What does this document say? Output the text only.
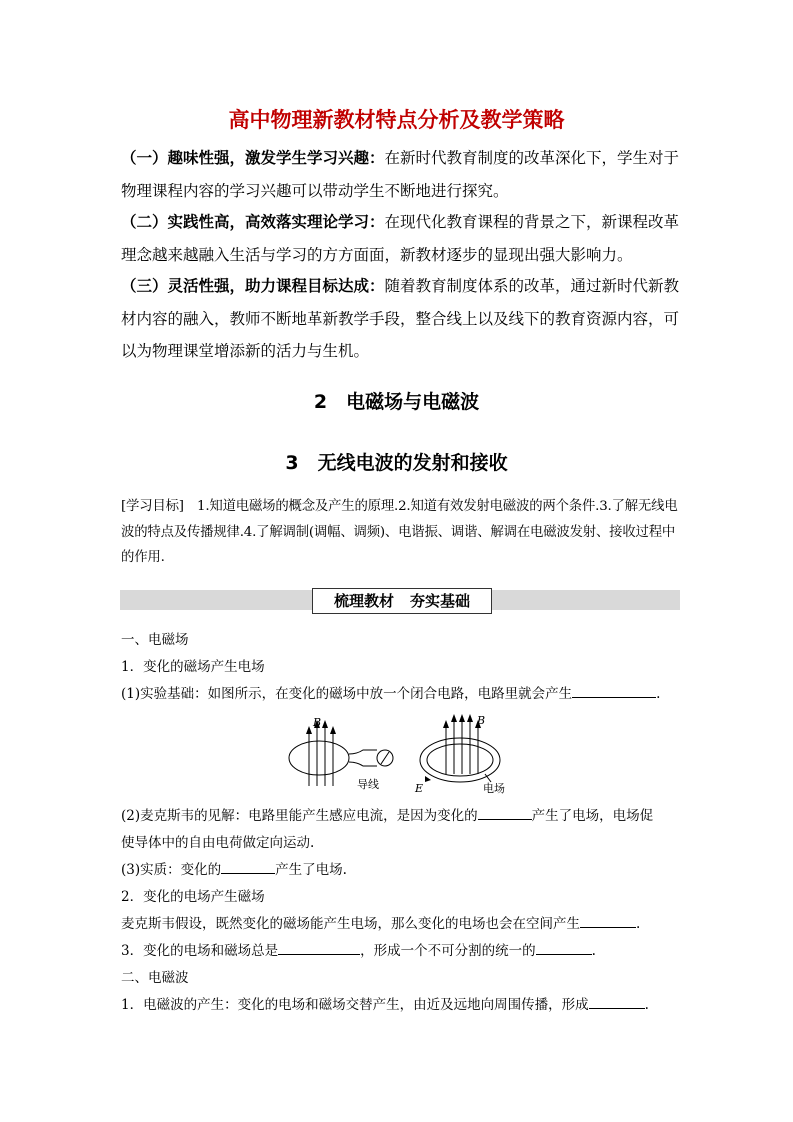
高中物理新教材特点分析及教学策略
（一）趣味性强，激发学生学习兴趣：在新时代教育制度的改革深化下，学生对于物理课程内容的学习兴趣可以带动学生不断地进行探究。
（二）实践性高，高效落实理论学习：在现代化教育课程的背景之下，新课程改革理念越来越融入生活与学习的方方面面，新教材逐步的显现出强大影响力。
（三）灵活性强，助力课程目标达成：随着教育制度体系的改革，通过新时代新教材内容的融入，教师不断地革新教学手段，整合线上以及线下的教育资源内容，可以为物理课堂增添新的活力与生机。
2　电磁场与电磁波
3　无线电波的发射和接收
[学习目标]　1.知道电磁场的概念及产生的原理.2.知道有效发射电磁波的两个条件.3.了解无线电波的特点及传播规律.4.了解调制(调幅、调频)、电谐振、调谐、解调在电磁波发射、接收过程中的作用.
梳理教材 夯实基础
一、电磁场
1．变化的磁场产生电场
(1)实验基础：如图所示，在变化的磁场中放一个闭合电路，电路里就会产生	.
B	B
导线	E	电场
(2)麦克斯韦的见解：电路里能产生感应电流，是因为变化的	产生了电场，电场促
使导体中的自由电荷做定向运动.
(3)实质：变化的	产生了电场.
2．变化的电场产生磁场
麦克斯韦假设，既然变化的磁场能产生电场，那么变化的电场也会在空间产生	.
3．变化的电场和磁场总是	，形成一个不可分割的统一的	.
二、电磁波
1．电磁波的产生：变化的电场和磁场交替产生，由近及远地向周围传播，形成	.
